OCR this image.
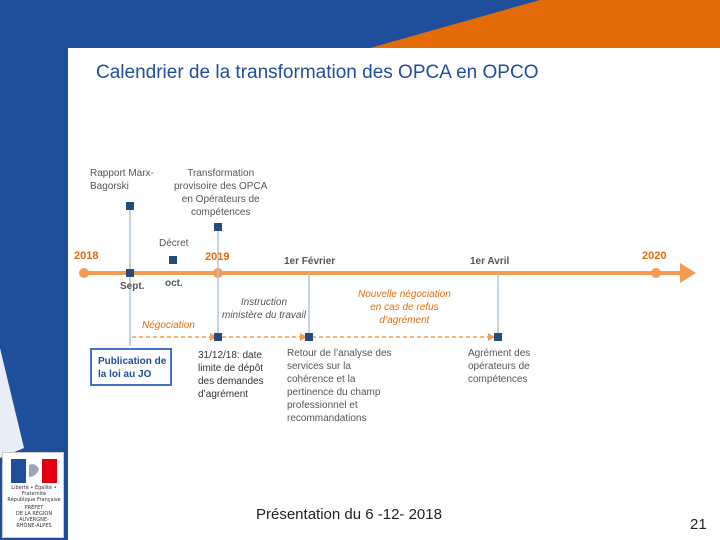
Calendrier de la transformation des OPCA en OPCO
2018	2019	2020
Sept. oct.
1er Février	1er Avril
Rapport Marx-
Bagorski
Transformation
provisoire des OPCA
en Opérateurs de
compétences
Décret
Publication de
la loi au JO
31/12/18: date
limite de dépôt
des demandes
d’agrément
Retour de l’analyse des
services sur la
cohérence et la
pertinence du champ
professionnel et
recommandations
Agrément des
opérateurs de
compétences
Négociation
Instruction
ministère du travail
Nouvelle négociation
en cas de refus
d’agrément
Liberté • Égalité • Fraternité
République Française
PRÉFET
DE LA RÉGION
AUVERGNE-
RHÔNE-ALPES
Présentation du 6 -12- 2018
21
